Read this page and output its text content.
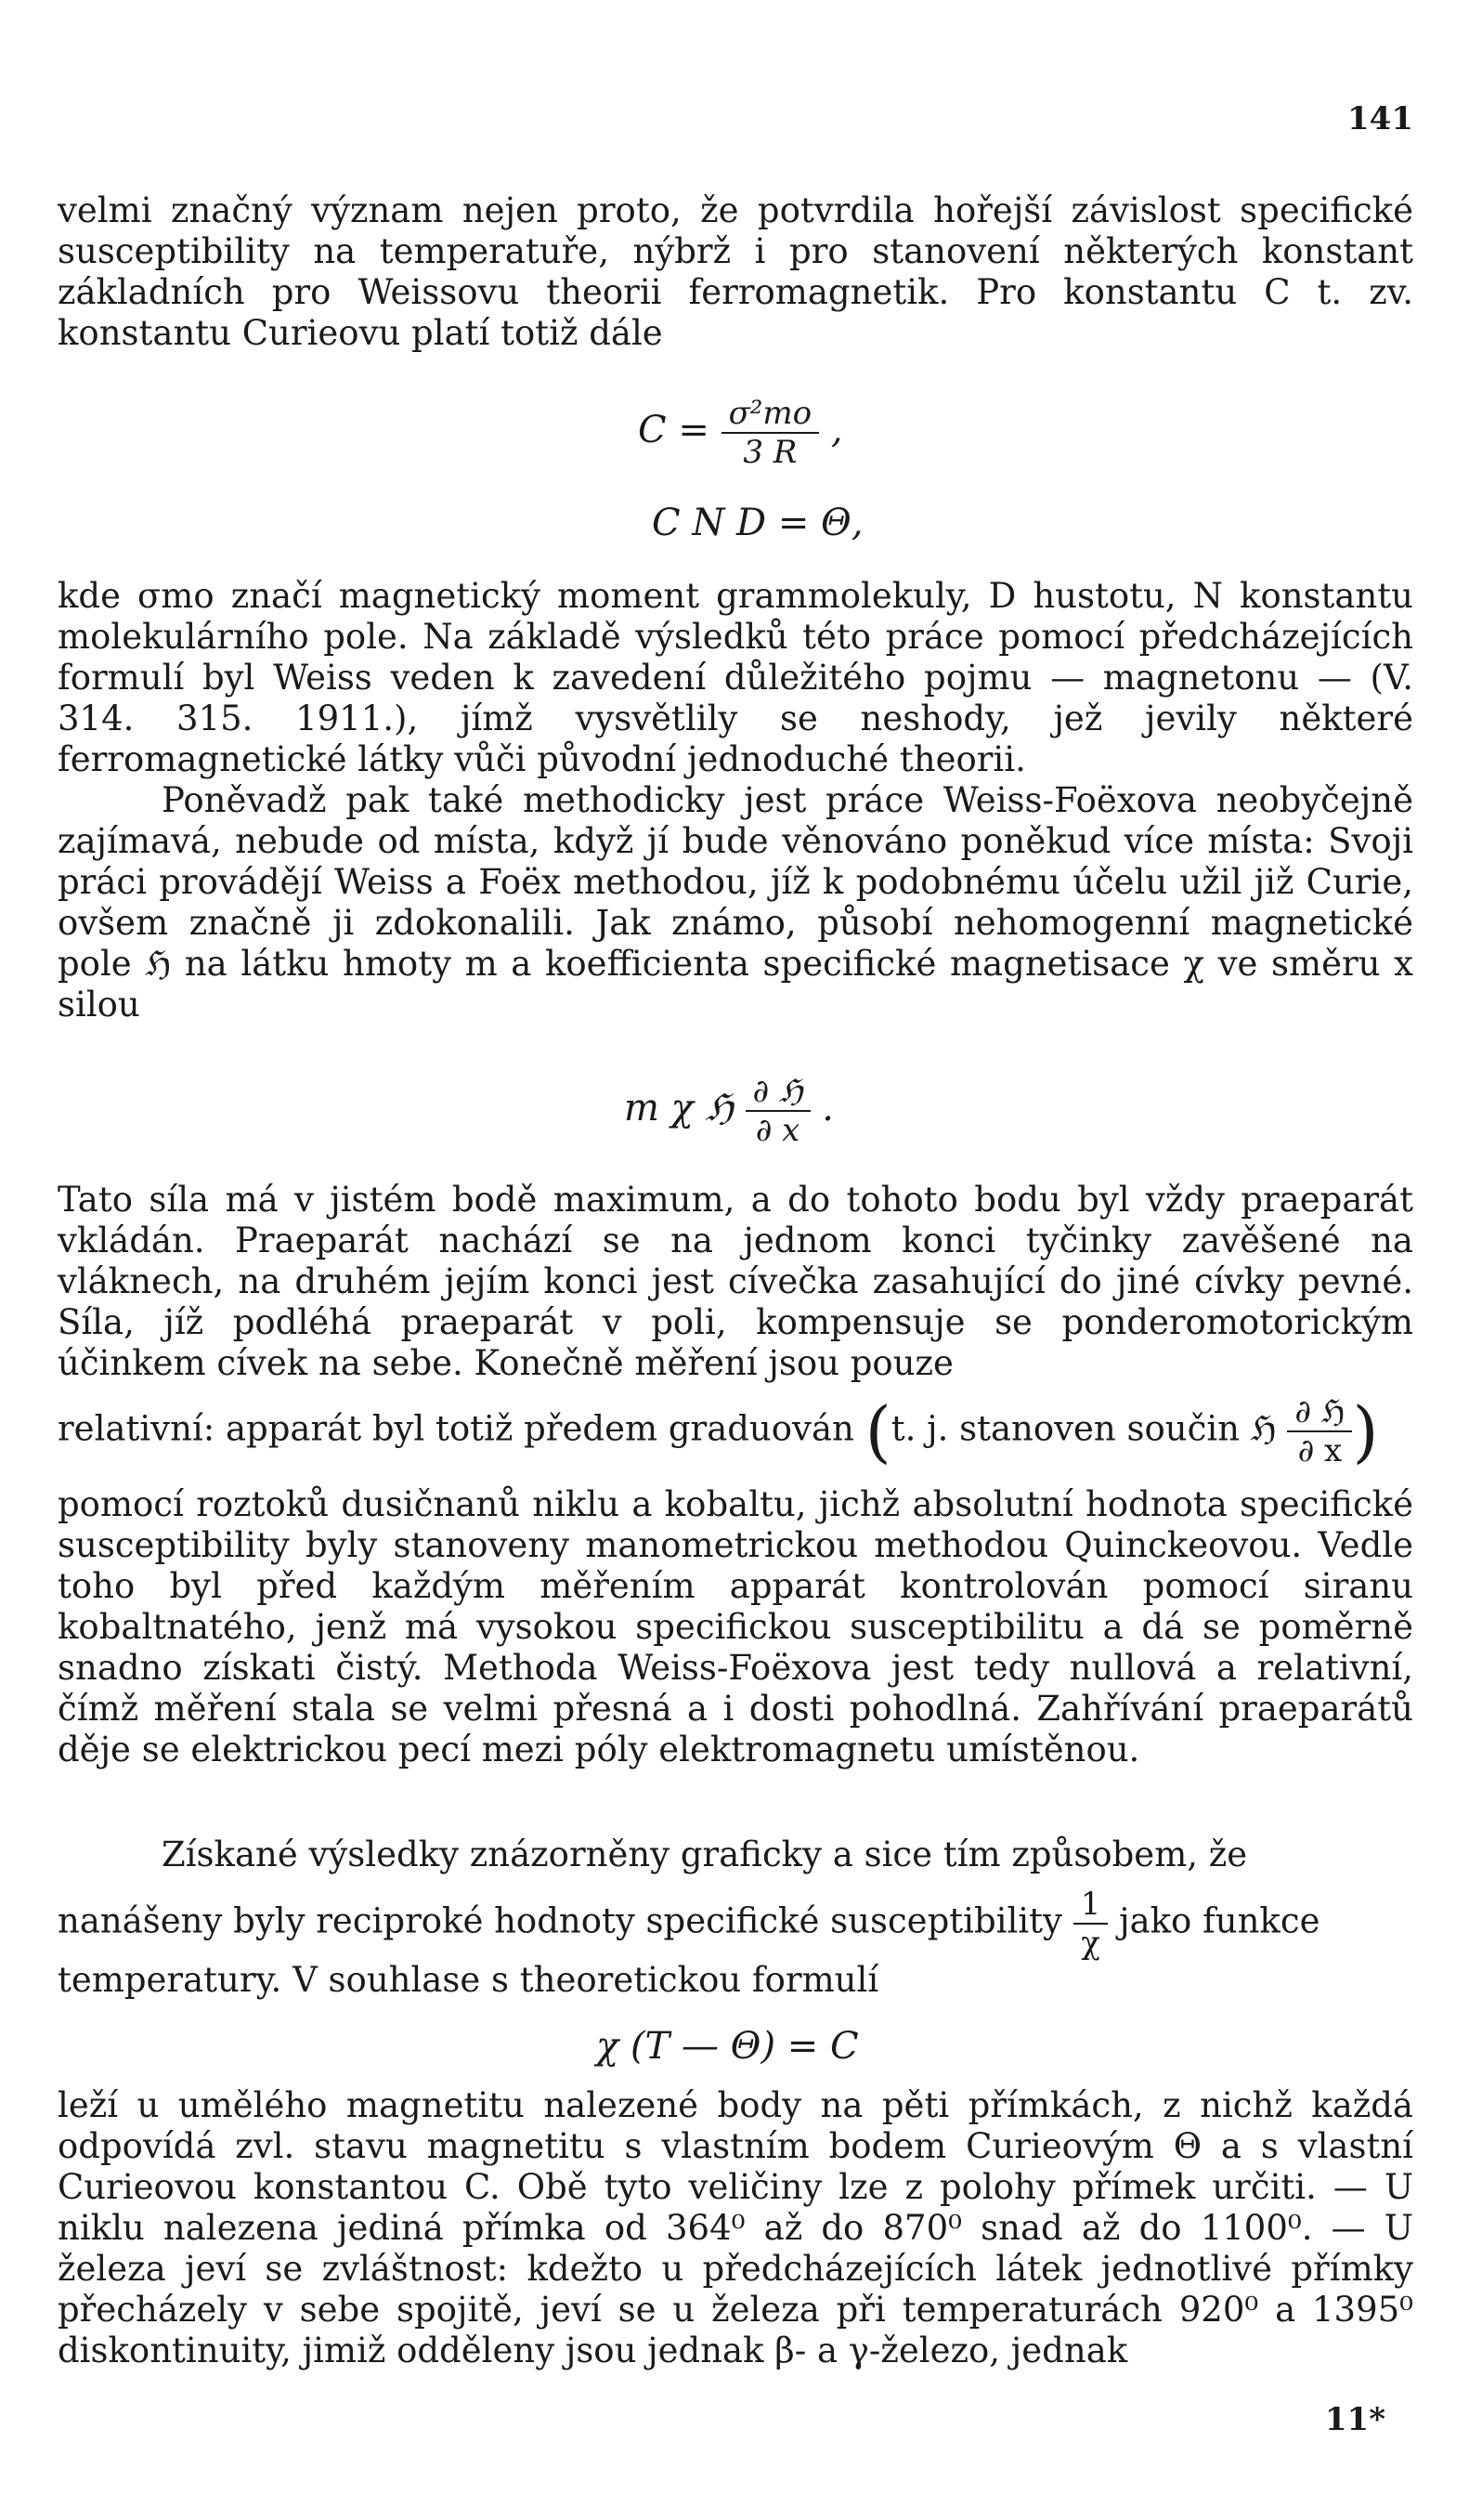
141
velmi značný význam nejen proto, že potvrdila hořejší závislost specifické susceptibility na temperatuře, nýbrž i pro stanovení některých konstant základních pro Weissovu theorii ferromagnetik. Pro konstantu C t. zv. konstantu Curieovu platí totiž dále
$C = \frac{\text{σ²mo}}{3 R}$ ,
C N D = Θ,
kde σmo značí magnetický moment grammolekuly, D hustotu, N konstantu molekulárního pole. Na základě výsledků této práce pomocí předcházejících formulí byl Weiss veden k zavedení důležitého pojmu — magnetonu — (V. 314. 315. 1911.), jímž vysvětlily se neshody, jež jevily některé ferromagnetické látky vůči původní jednoduché theorii.
Poněvadž pak také methodicky jest práce Weiss-Foëxova neobyčejně zajímavá, nebude od místa, když jí bude věnováno poněkud více místa: Svoji práci provádějí Weiss a Foëx methodou, jíž k podobnému účelu užil již Curie, ovšem značně ji zdokonalili. Jak známo, působí nehomogenní magnetické pole ℌ na látku hmoty m a koefficienta specifické magnetisace χ ve směru x silou
m χ ℌ $\frac{\text{∂ ℌ}}{\partial x}$ .
Tato síla má v jistém bodě maximum, a do tohoto bodu byl vždy praeparát vkládán. Praeparát nachází se na jednom konci tyčinky zavěšené na vláknech, na druhém jejím konci jest cívečka zasahující do jiné cívky pevné. Síla, jíž podléhá praeparát v poli, kompensuje se ponderomotorickým účinkem cívek na sebe. Konečně měření jsou pouze
relativní: apparát byl totiž předem graduován (t. j. stanoven součin ℌ $\frac{\text{∂ ℌ}}{\partial x}$ )
pomocí roztoků dusičnanů niklu a kobaltu, jichž absolutní hodnota specifické susceptibility byly stanoveny manometrickou methodou Quinckeovou. Vedle toho byl před každým měřením apparát kontrolován pomocí siranu kobaltnatého, jenž má vysokou specifickou susceptibilitu a dá se poměrně snadno získati čistý. Methoda Weiss-Foëxova jest tedy nullová a relativní, čímž měření stala se velmi přesná a i dosti pohodlná. Zahřívání praeparátů děje se elektrickou pecí mezi póly elektromagnetu umístěnou.
Získané výsledky znázorněny graficky a sice tím způsobem, že
nanášeny byly reciproké hodnoty specifické susceptibility $\frac{1}{\chi}$ jako funkce
temperatury. V souhlase s theoretickou formulí
χ (T — Θ) = C
leží u umělého magnetitu nalezené body na pěti přímkách, z nichž každá odpovídá zvl. stavu magnetitu s vlastním bodem Curieovým Θ a s vlastní Curieovou konstantou C. Obě tyto veličiny lze z polohy přímek určiti. — U niklu nalezena jediná přímka od 364⁰ až do 870⁰ snad až do 1100⁰. — U železa jeví se zvláštnost: kdežto u předcházejících látek jednotlivé přímky přecházely v sebe spojitě, jeví se u železa při temperaturách 920⁰ a 1395⁰ diskontinuity, jimiž odděleny jsou jednak β- a γ-železo, jednak
11*
